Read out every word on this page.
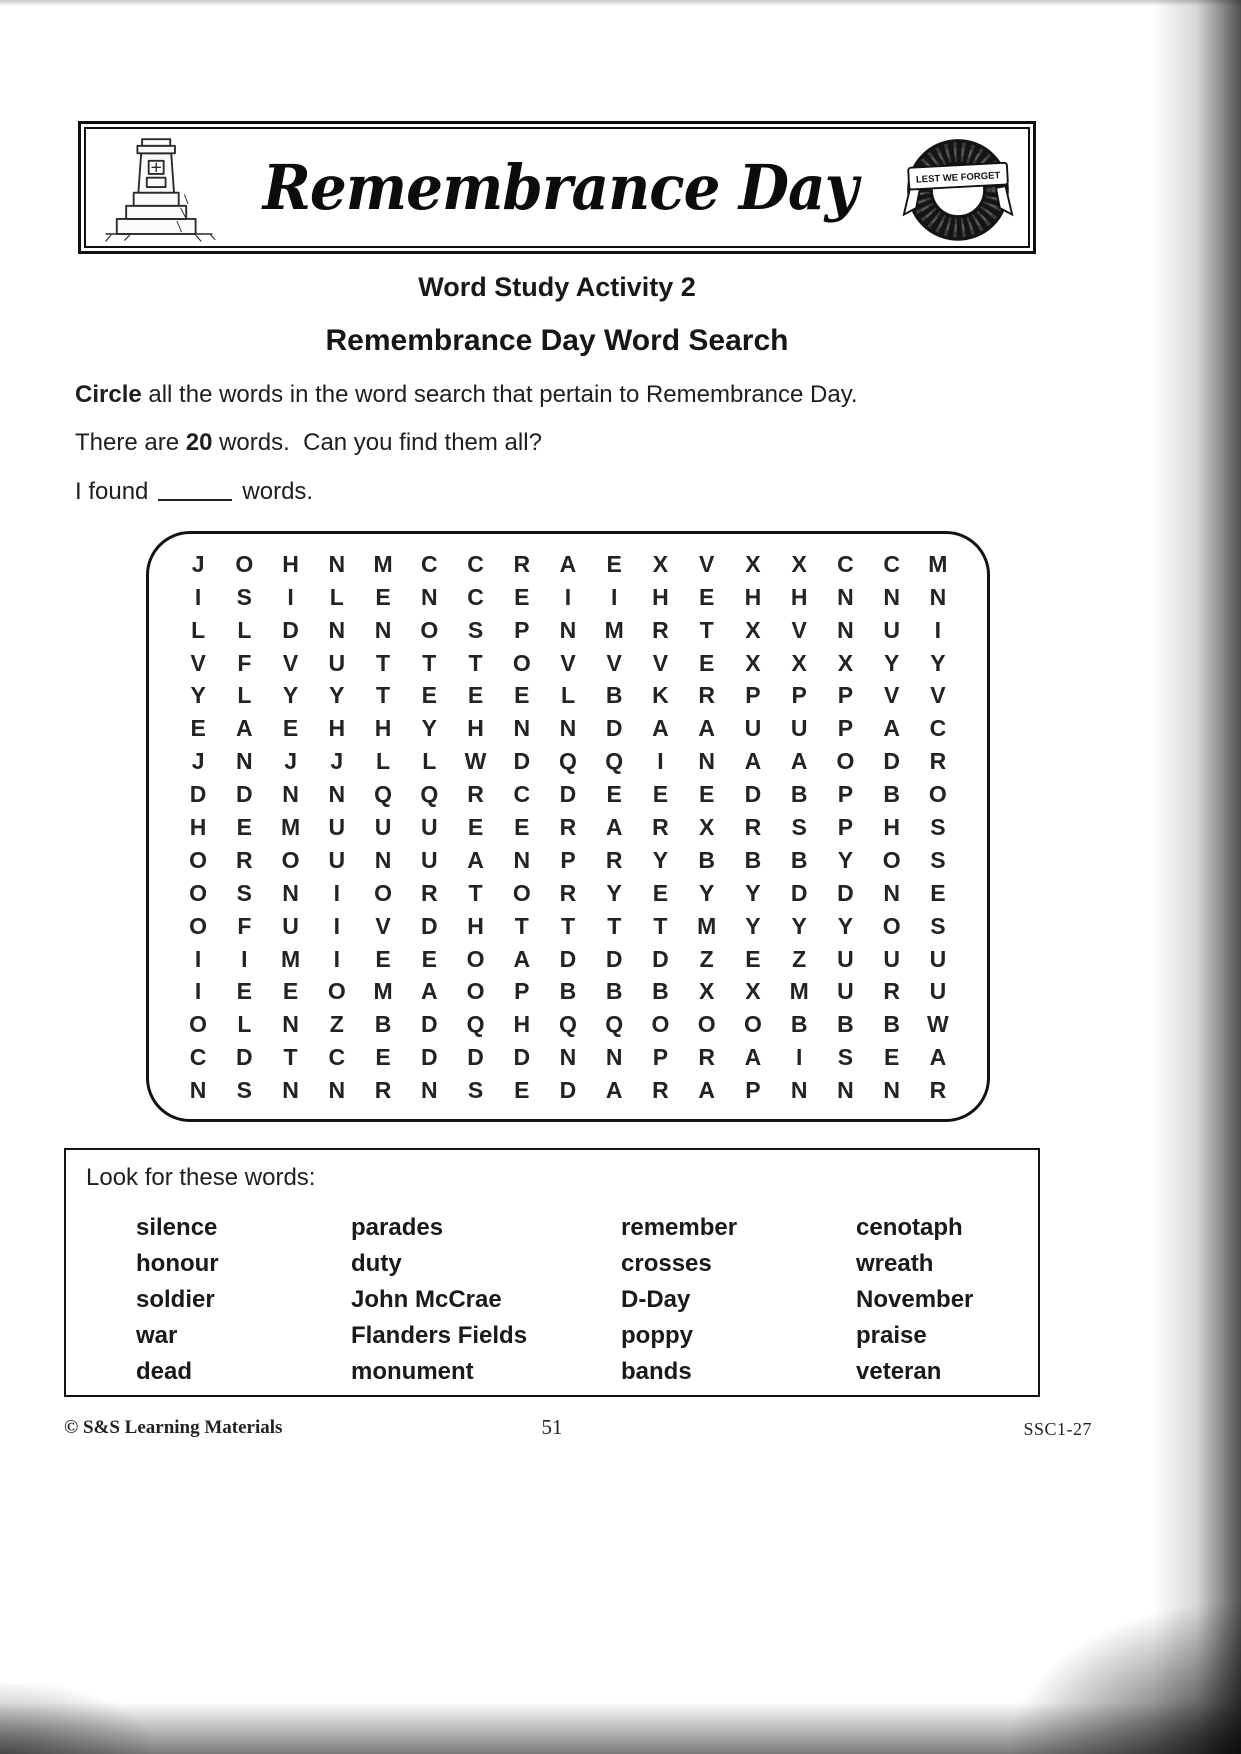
Remembrance Day	LEST WE FORGET
Word Study Activity 2
Remembrance Day Word Search

Circle all the words in the word search that pertain to Remembrance Day.

There are 20 words.  Can you find them all?

I found	words.

J	O	H	N	M	C	C	R	A	E	X	V	X	X	C	C	M
I	S	I	L	E	N	C	E	I	I	H	E	H	H	N	N	N
L	L	D	N	N	O	S	P	N	M	R	T	X	V	N	U	I
V	F	V	U	T	T	T	O	V	V	V	E	X	X	X	Y	Y
Y	L	Y	Y	T	E	E	E	L	B	K	R	P	P	P	V	V
E	A	E	H	H	Y	H	N	N	D	A	A	U	U	P	A	C
J	N	J	J	L	L	W	D	Q	Q	I	N	A	A	O	D	R
D	D	N	N	Q	Q	R	C	D	E	E	E	D	B	P	B	O
H	E	M	U	U	U	E	E	R	A	R	X	R	S	P	H	S
O	R	O	U	N	U	A	N	P	R	Y	B	B	B	Y	O	S
O	S	N	I	O	R	T	O	R	Y	E	Y	Y	D	D	N	E
O	F	U	I	V	D	H	T	T	T	T	M	Y	Y	Y	O	S
I	I	M	I	E	E	O	A	D	D	D	Z	E	Z	U	U	U
I	E	E	O	M	A	O	P	B	B	B	X	X	M	U	R	U
O	L	N	Z	B	D	Q	H	Q	Q	O	O	O	B	B	B	W
C	D	T	C	E	D	D	D	N	N	P	R	A	I	S	E	A
N	S	N	N	R	N	S	E	D	A	R	A	P	N	N	N	R

Look for these words:

silence
honour
soldier
war
dead
parades
duty
John McCrae
Flanders Fields
monument
remember
crosses
D-Day
poppy
bands
cenotaph
wreath
November
praise
veteran
© S&S Learning Materials	51	SSC1-27
